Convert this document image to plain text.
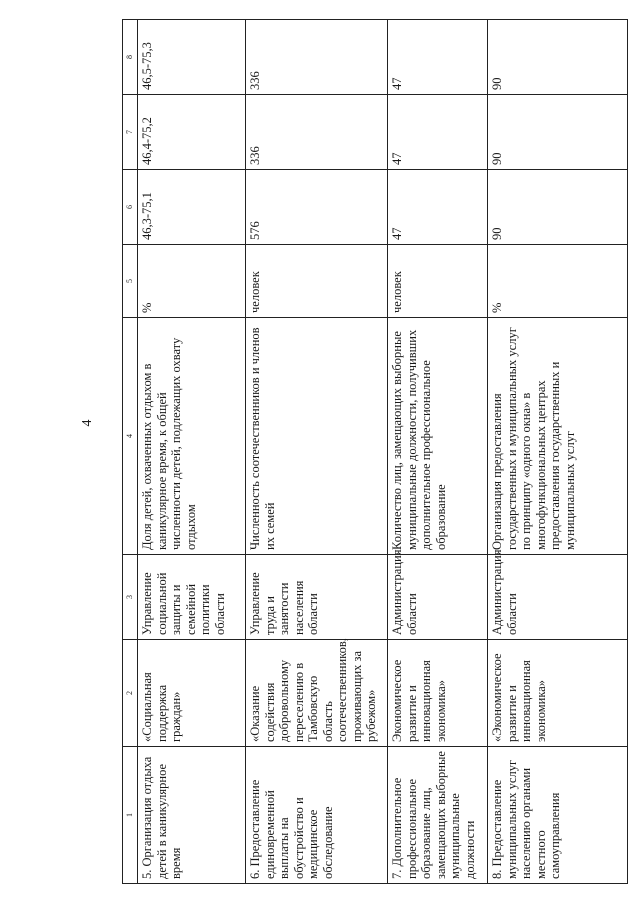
4
1	2	3	4	5	6	7	8
5. Организация отдыха детей в каникулярное время	«Социальная поддержка граждан»	Управление социальной защиты и семейной политики области	Доля детей, охваченных отдыхом в каникулярное время, к общей численности детей, подлежащих охвату отдыхом	%	46,3-75,1	46,4-75,2	46,5-75,3
6. Предоставление единовременной выплаты на обустройство и медицинское обследование	«Оказание содействия добровольному переселению в Тамбовскую область соотечественников, проживающих за рубежом»	Управление труда и занятости населения области	Численность соотечественников и членов их семей	человек	576	336	336
7. Дополнительное профессиональное образование лиц, замещающих выборные муниципальные должности	Экономическое развитие и инновационная экономика»	Администрация области	Количество лиц, замещающих выборные муниципальные должности, получивших дополнительное профессиональное образование	человек	47	47	47
8. Предоставление муниципальных услуг населению органами местного самоуправления	«Экономическое развитие и инновационная экономика»	Администрация области	Организация предоставления государственных и муниципальных услуг по принципу «одного окна» в многофункциональных центрах предоставления государственных и муниципальных услуг	%	90	90	90
